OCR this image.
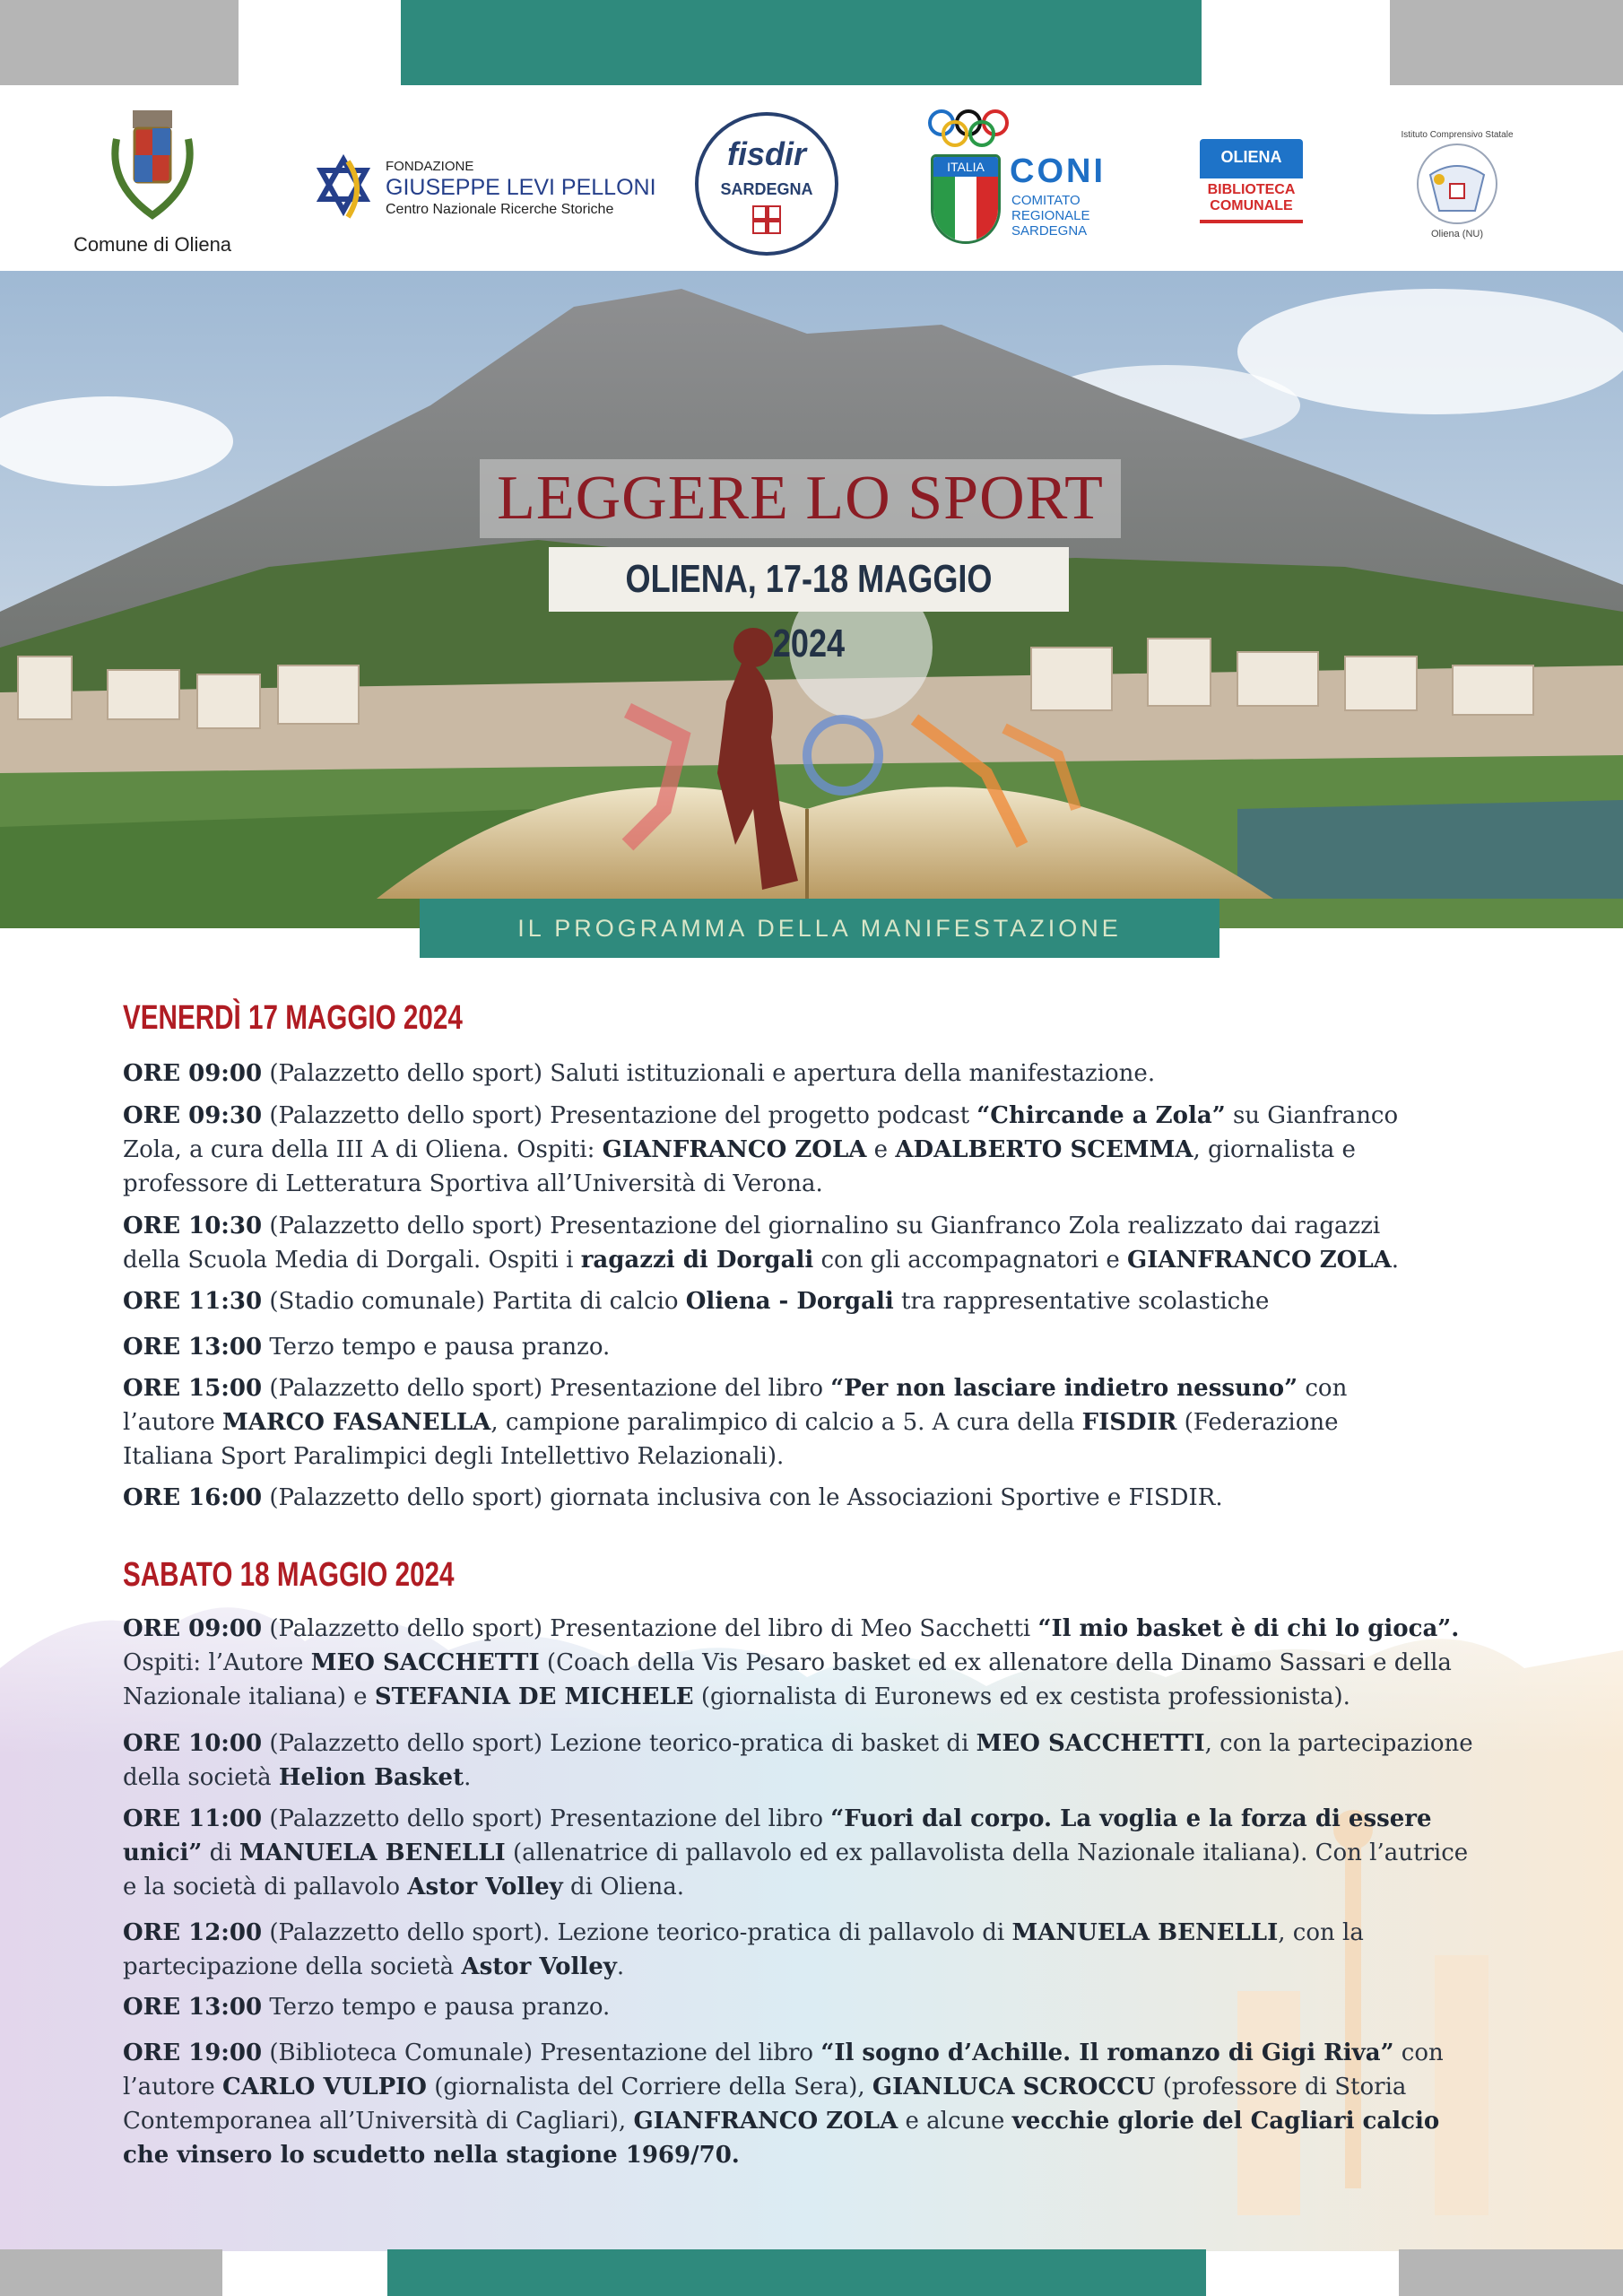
Comune di Oliena
FONDAZIONE
GIUSEPPE LEVI PELLONI
Centro Nazionale Ricerche Storiche
fisdir
SARDEGNA
ITALIA CONI
COMITATO
REGIONALE
SARDEGNA
OLIENA
BIBLIOTECA
COMUNALE
Istituto Comprensivo Statale
Oliena (NU)
LEGGERE LO SPORT
OLIENA, 17-18 MAGGIO 2024
IL PROGRAMMA DELLA MANIFESTAZIONE
VENERDÌ 17 MAGGIO 2024
ORE 09:00 (Palazzetto dello sport) Saluti istituzionali e apertura della manifestazione.
ORE 09:30 (Palazzetto dello sport) Presentazione del progetto podcast “Chircande a Zola” su Gianfranco
Zola, a cura della III A di Oliena. Ospiti: GIANFRANCO ZOLA e ADALBERTO SCEMMA, giornalista e
professore di Letteratura Sportiva all’Università di Verona.
ORE 10:30 (Palazzetto dello sport) Presentazione del giornalino su Gianfranco Zola realizzato dai ragazzi
della Scuola Media di Dorgali. Ospiti i ragazzi di Dorgali con gli accompagnatori e GIANFRANCO ZOLA.
ORE 11:30 (Stadio comunale) Partita di calcio Oliena - Dorgali tra rappresentative scolastiche
ORE 13:00 Terzo tempo e pausa pranzo.
ORE 15:00 (Palazzetto dello sport) Presentazione del libro “Per non lasciare indietro nessuno” con
l’autore MARCO FASANELLA, campione paralimpico di calcio a 5. A cura della FISDIR (Federazione
Italiana Sport Paralimpici degli Intellettivo Relazionali).
ORE 16:00 (Palazzetto dello sport) giornata inclusiva con le Associazioni Sportive e FISDIR.
SABATO 18 MAGGIO 2024
ORE 09:00 (Palazzetto dello sport) Presentazione del libro di Meo Sacchetti “Il mio basket è di chi lo gioca”.
Ospiti: l’Autore MEO SACCHETTI (Coach della Vis Pesaro basket ed ex allenatore della Dinamo Sassari e della
Nazionale italiana) e STEFANIA DE MICHELE (giornalista di Euronews ed ex cestista professionista).
ORE 10:00 (Palazzetto dello sport) Lezione teorico-pratica di basket di MEO SACCHETTI, con la partecipazione
della società Helion Basket.
ORE 11:00 (Palazzetto dello sport) Presentazione del libro “Fuori dal corpo. La voglia e la forza di essere
unici” di MANUELA BENELLI (allenatrice di pallavolo ed ex pallavolista della Nazionale italiana). Con l’autrice
e la società di pallavolo Astor Volley di Oliena.
ORE 12:00 (Palazzetto dello sport). Lezione teorico-pratica di pallavolo di MANUELA BENELLI, con la
partecipazione della società Astor Volley.
ORE 13:00 Terzo tempo e pausa pranzo.
ORE 19:00 (Biblioteca Comunale) Presentazione del libro “Il sogno d’Achille. Il romanzo di Gigi Riva” con
l’autore CARLO VULPIO (giornalista del Corriere della Sera), GIANLUCA SCROCCU (professore di Storia
Contemporanea all’Università di Cagliari), GIANFRANCO ZOLA e alcune vecchie glorie del Cagliari calcio
che vinsero lo scudetto nella stagione 1969/70.
